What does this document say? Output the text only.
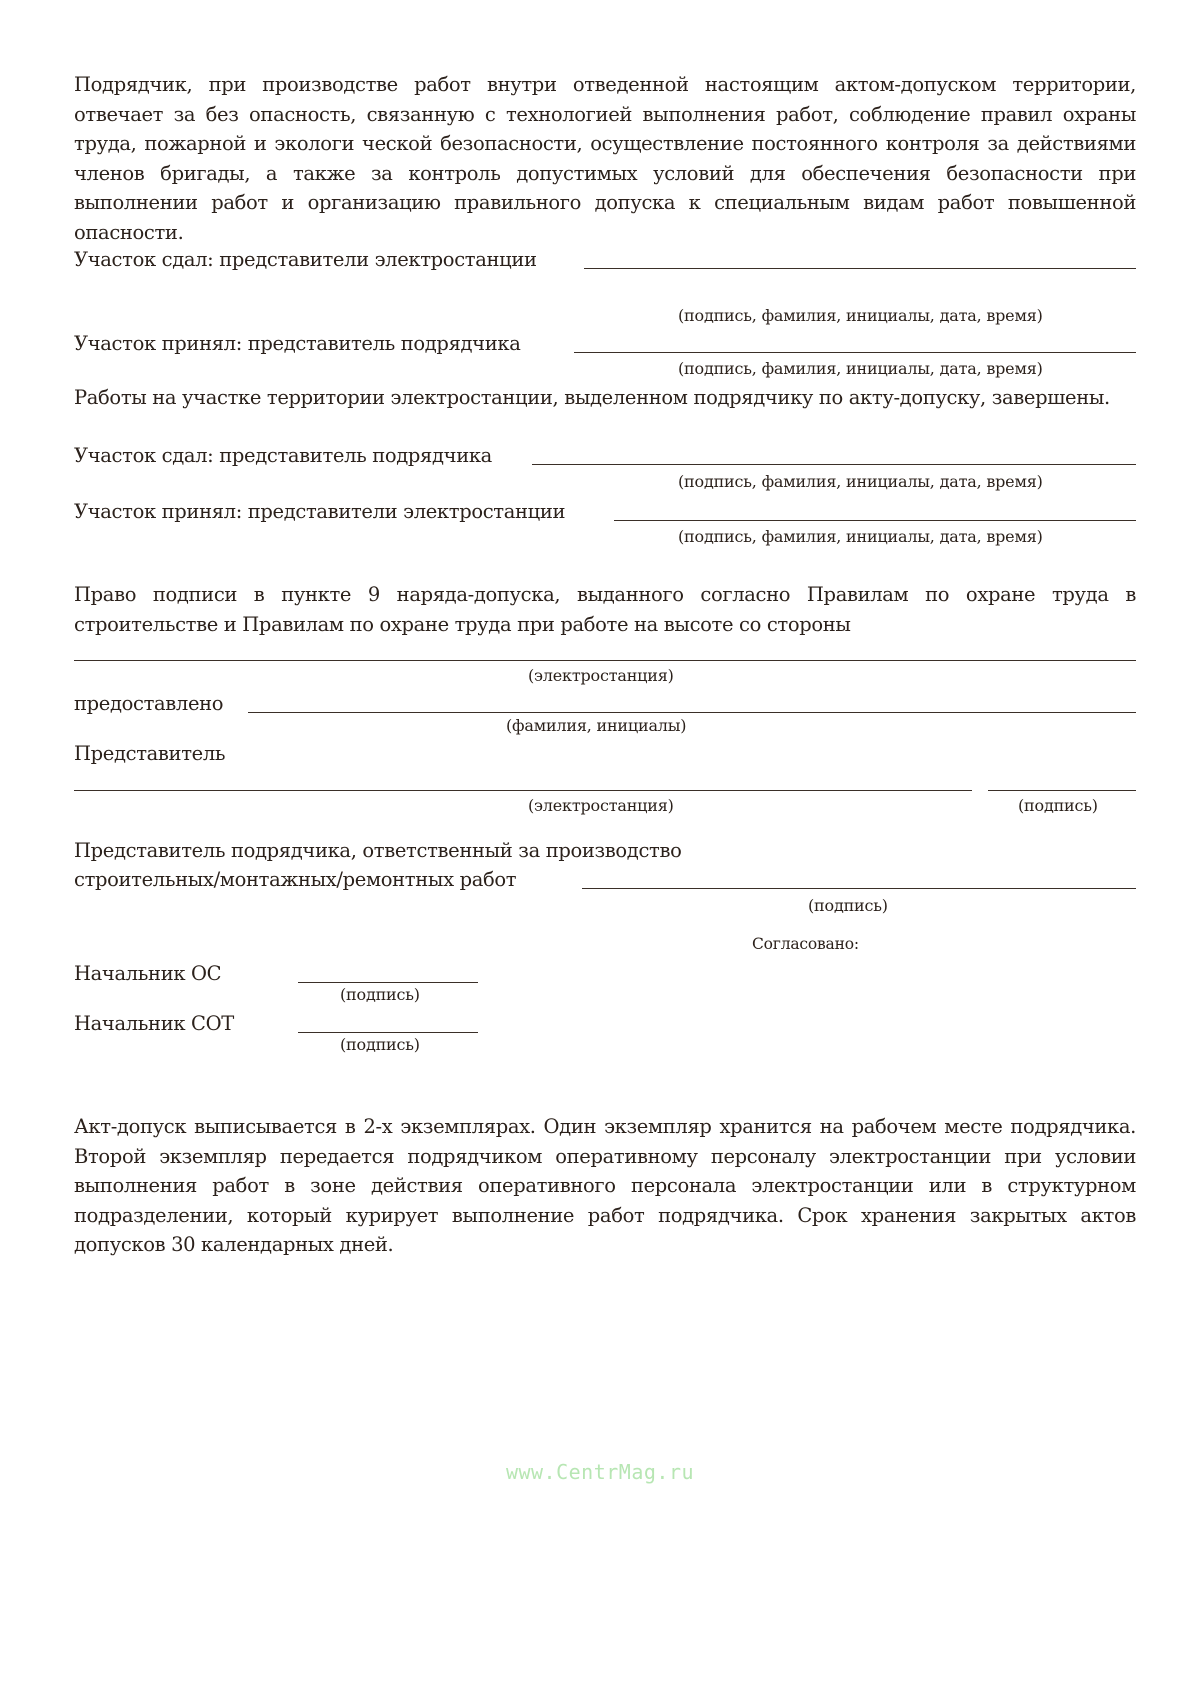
Подрядчик, при производстве работ внутри отведенной настоящим актом-допуском территории, отвечает за без опасность, связанную с технологией выполнения работ, соблюдение правил охраны труда, пожарной и экологи ческой безопасности, осуществление постоянного контроля за действиями членов бригады, а также за контроль допустимых условий для обеспечения безопасности при выполнении работ и организацию правильного допуска к специальным видам работ повышенной опасности.

Участок сдал: представители электростанции
(подпись, фамилия, инициалы, дата, время)
Участок принял: представитель подрядчика
(подпись, фамилия, инициалы, дата, время)

Работы на участке территории электростанции, выделенном подрядчику по акту-допуску, завершены.

Участок сдал: представитель подрядчика
(подпись, фамилия, инициалы, дата, время)
Участок принял: представители электростанции
(подпись, фамилия, инициалы, дата, время)

Право подписи в пункте 9 наряда-допуска, выданного согласно Правилам по охране труда в строительстве и Правилам по охране труда при работе на высоте со стороны

(электростанция)
предоставлено
(фамилия, инициалы)
Представитель
(электростанция)	(подпись)
Представитель подрядчика, ответственный за производство
строительных/монтажных/ремонтных работ
(подпись)
Согласовано:
Начальник ОС
(подпись)
Начальник СОТ
(подпись)

Акт-допуск выписывается в 2-х экземплярах. Один экземпляр хранится на рабочем месте подрядчика. Второй экземпляр передается подрядчиком оперативному персоналу электростанции при условии выполнения работ в зоне действия оперативного персонала электростанции или в структурном подразделении, который курирует выполнение работ подрядчика. Срок хранения закрытых актов допусков 30 календарных дней.

www.CentrMag.ru
